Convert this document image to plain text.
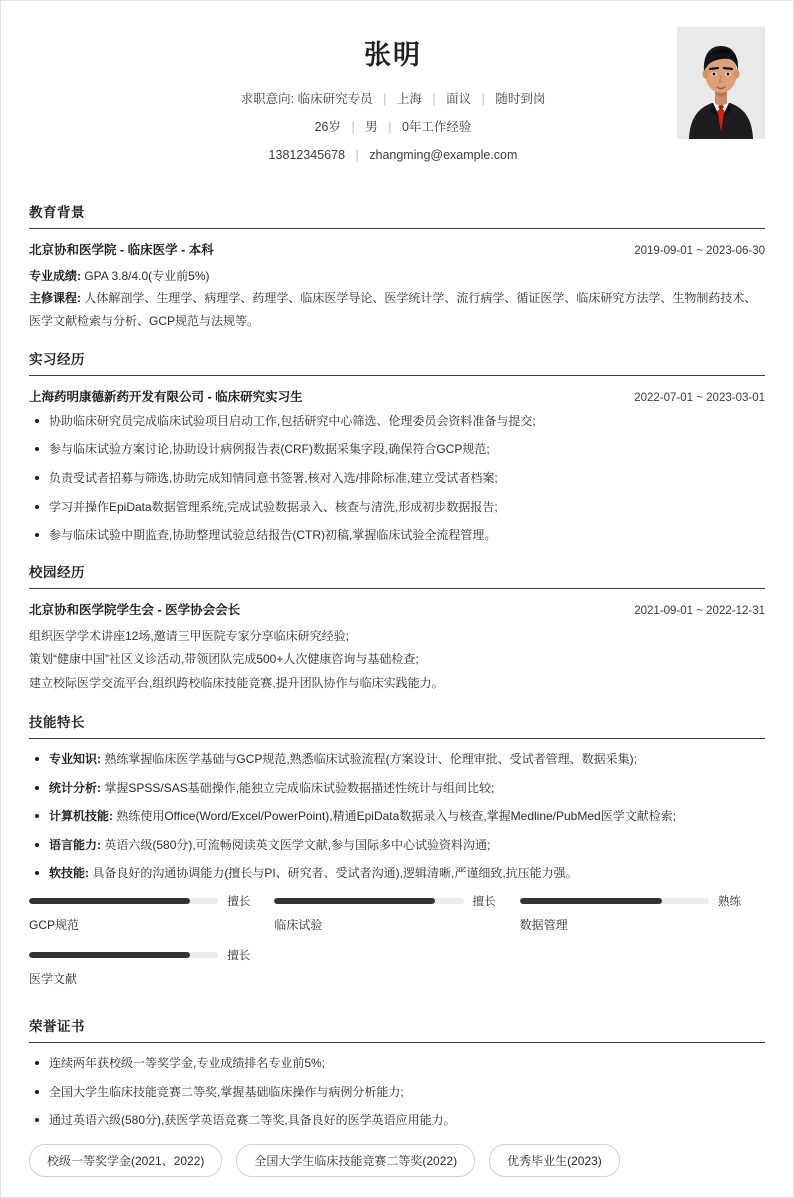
张明
求职意向: 临床研究专员 | 上海 | 面议 | 随时到岗
26岁 | 男 | 0年工作经验
13812345678 | zhangming@example.com
教育背景
北京协和医学院 - 临床医学 - 本科	2019-09-01 ~ 2023-06-30
专业成绩: GPA 3.8/4.0(专业前5%)
主修课程: 人体解剖学、生理学、病理学、药理学、临床医学导论、医学统计学、流行病学、循证医学、临床研究方法学、生物制药技术、医学文献检索与分析、GCP规范与法规等。
实习经历
上海药明康德新药开发有限公司 - 临床研究实习生	2022-07-01 ~ 2023-03-01
协助临床研究员完成临床试验项目启动工作,包括研究中心筛选、伦理委员会资料准备与提交;
参与临床试验方案讨论,协助设计病例报告表(CRF)数据采集字段,确保符合GCP规范;
负责受试者招募与筛选,协助完成知情同意书签署,核对入选/排除标准,建立受试者档案;
学习并操作EpiData数据管理系统,完成试验数据录入、核查与清洗,形成初步数据报告;
参与临床试验中期监查,协助整理试验总结报告(CTR)初稿,掌握临床试验全流程管理。
校园经历
北京协和医学院学生会 - 医学协会会长	2021-09-01 ~ 2022-12-31

组织医学学术讲座12场,邀请三甲医院专家分享临床研究经验;

策划“健康中国”社区义诊活动,带领团队完成500+人次健康咨询与基础检查;

建立校际医学交流平台,组织跨校临床技能竞赛,提升团队协作与临床实践能力。

技能特长
专业知识: 熟练掌握临床医学基础与GCP规范,熟悉临床试验流程(方案设计、伦理审批、受试者管理、数据采集);
统计分析: 掌握SPSS/SAS基础操作,能独立完成临床试验数据描述性统计与组间比较;
计算机技能: 熟练使用Office(Word/Excel/PowerPoint),精通EpiData数据录入与核查,掌握Medline/PubMed医学文献检索;
语言能力: 英语六级(580分),可流畅阅读英文医学文献,参与国际多中心试验资料沟通;
软技能: 具备良好的沟通协调能力(擅长与PI、研究者、受试者沟通),逻辑清晰,严谨细致,抗压能力强。
擅长
GCP规范
擅长
临床试验
熟练
数据管理
擅长
医学文献
荣誉证书
连续两年获校级一等奖学金,专业成绩排名专业前5%;
全国大学生临床技能竞赛二等奖,掌握基础临床操作与病例分析能力;
通过英语六级(580分),获医学英语竞赛二等奖,具备良好的医学英语应用能力。
校级一等奖学金(2021、2022)	全国大学生临床技能竞赛二等奖(2022)	优秀毕业生(2023)
